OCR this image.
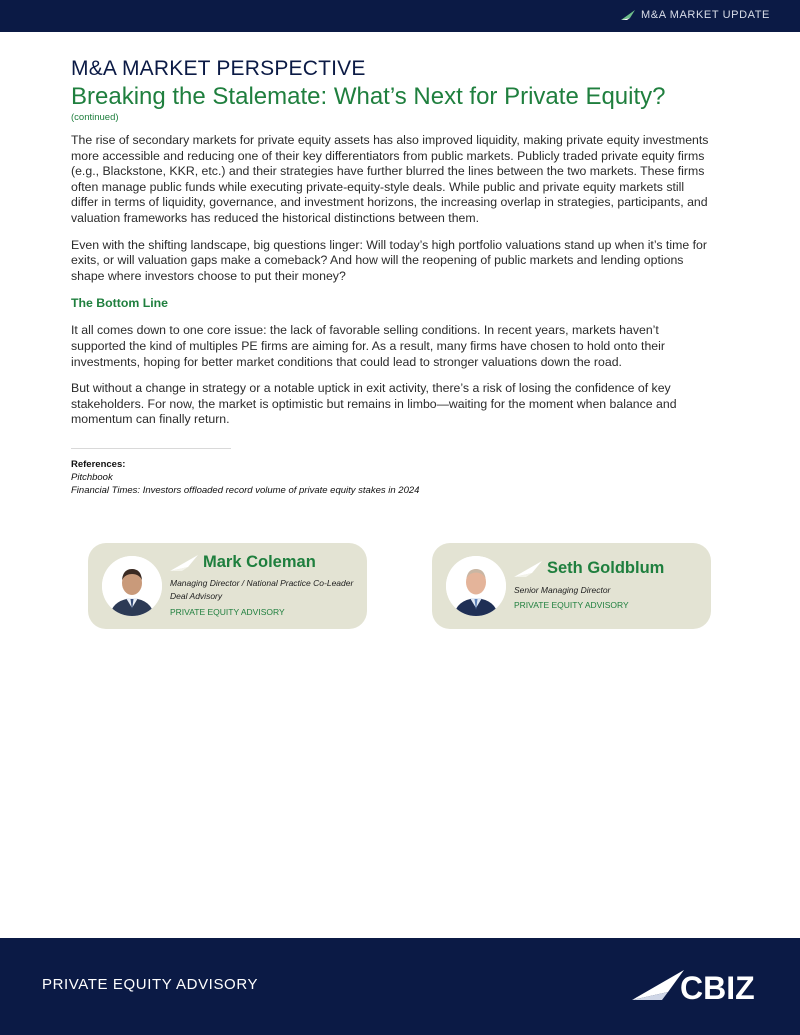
M&A MARKET UPDATE
M&A MARKET PERSPECTIVE
Breaking the Stalemate: What’s Next for Private Equity?
(continued)

The rise of secondary markets for private equity assets has also improved liquidity, making private equity investments more accessible and reducing one of their key differentiators from public markets. Publicly traded private equity firms (e.g., Blackstone, KKR, etc.) and their strategies have further blurred the lines between the two markets. These firms often manage public funds while executing private-equity-style deals. While public and private equity markets still differ in terms of liquidity, governance, and investment horizons, the increasing overlap in strategies, participants, and valuation frameworks has reduced the historical distinctions between them.

Even with the shifting landscape, big questions linger: Will today’s high portfolio valuations stand up when it’s time for exits, or will valuation gaps make a comeback? And how will the reopening of public markets and lending options shape where investors choose to put their money?

The Bottom Line

It all comes down to one core issue: the lack of favorable selling conditions. In recent years, markets haven’t supported the kind of multiples PE firms are aiming for. As a result, many firms have chosen to hold onto their investments, hoping for better market conditions that could lead to stronger valuations down the road.

But without a change in strategy or a notable uptick in exit activity, there’s a risk of losing the confidence of key stakeholders. For now, the market is optimistic but remains in limbo—waiting for the moment when balance and momentum can finally return.

References:
Pitchbook
Financial Times: Investors offloaded record volume of private equity stakes in 2024
Mark Coleman
Managing Director / National Practice Co-Leader
Deal Advisory
PRIVATE EQUITY ADVISORY
Seth Goldblum
Senior Managing Director
PRIVATE EQUITY ADVISORY
PRIVATE EQUITY ADVISORY	CBIZ
